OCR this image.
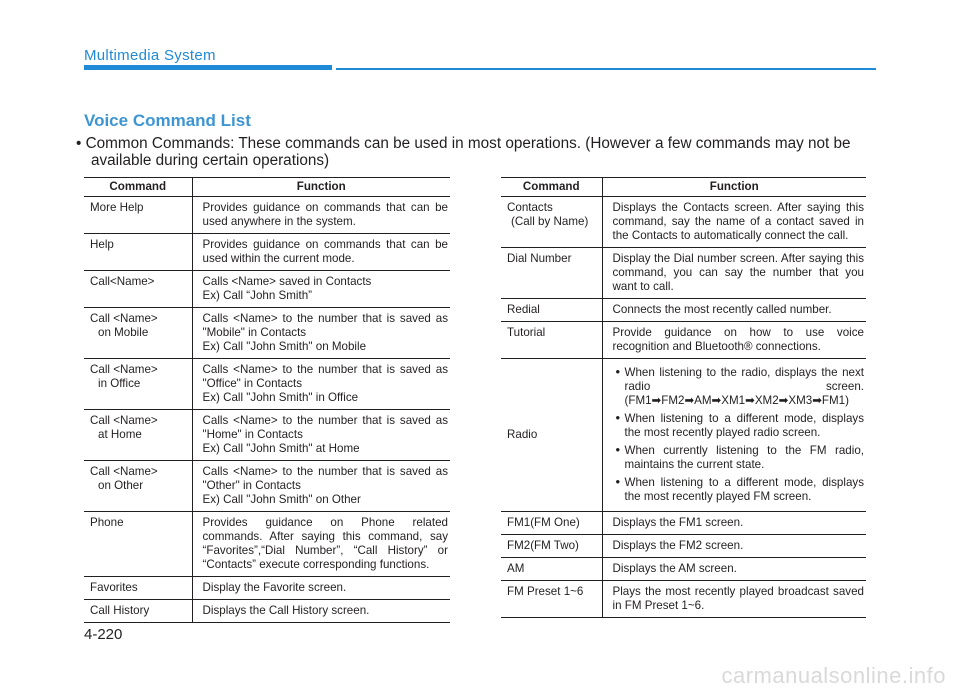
Multimedia System
Voice Command List
• Common Commands: These commands can be used in most operations. (However a few commands may not be
available during certain operations)
Command	Function
More Help	Provides guidance on commands that can be used anywhere in the system.

Help	Provides guidance on commands that can be used within the current mode.
Call<Name>	Calls <Name> saved in Contacts
Ex) Call “John Smith”

Call <Name>
on Mobile	Calls <Name> to the number that is saved as "Mobile" in Contacts
Ex) Call "John Smith" on Mobile

Call <Name>
in Office	Calls <Name> to the number that is saved as "Office" in Contacts
Ex) Call "John Smith" in Office

Call <Name>
at Home	Calls <Name> to the number that is saved as "Home" in Contacts
Ex) Call "John Smith" at Home

Call <Name>
on Other	Calls <Name> to the number that is saved as "Other" in Contacts
Ex) Call "John Smith" on Other

Phone	Provides guidance on Phone related commands. After saying this command, say “Favorites”,“Dial Number”, “Call History” or “Contacts” execute corresponding functions.
Favorites	Display the Favorite screen.
Call History	Displays the Call History screen.
Command	Function

Contacts
(Call by Name)	Displays the Contacts screen. After saying this command, say the name of a contact saved in the Contacts to automatically connect the call.
Dial Number	Display the Dial number screen. After saying this command, you can say the number that you want to call.
Redial	Connects the most recently called number.
Tutorial	Provide guidance on how to use voice recognition and Bluetooth® connections.
Radio	• When listening to the radio, displays the next radio screen. (FM1➡FM2➡AM➡XM1➡XM2➡XM3➡FM1)
• When listening to a different mode, displays the most recently played radio screen.
• When currently listening to the FM radio, maintains the current state.
• When listening to a different mode, displays the most recently played FM screen.

FM1(FM One)	Displays the FM1 screen.
FM2(FM Two)	Displays the FM2 screen.
AM	Displays the AM screen.
FM Preset 1~6	Plays the most recently played broadcast saved in FM Preset 1~6.
4-220
carmanualsonline.info
